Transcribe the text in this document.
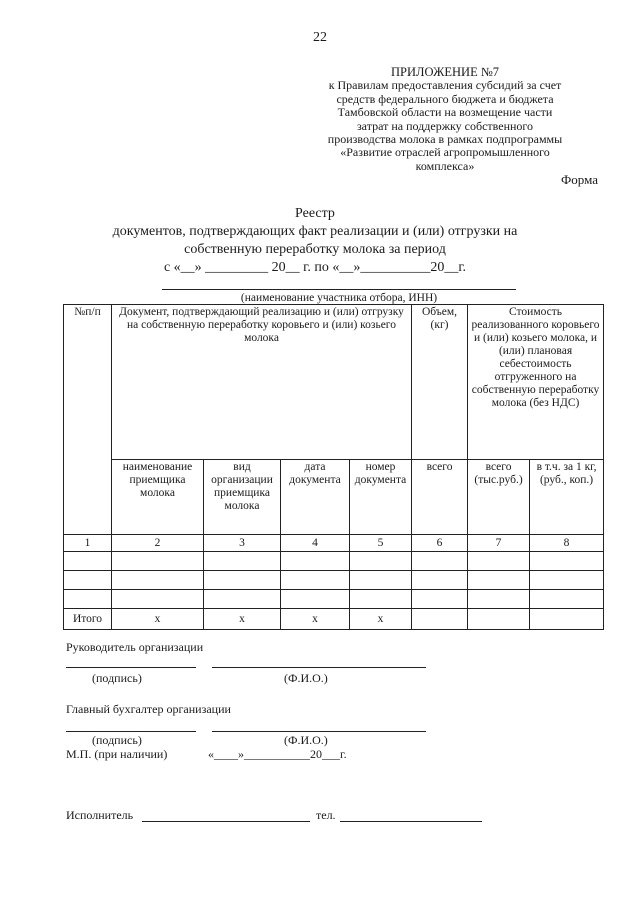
22
ПРИЛОЖЕНИЕ №7
к Правилам предоставления субсидий за счет
средств федерального бюджета и бюджета
Тамбовской области на возмещение части
затрат на поддержку собственного
производства молока в рамках подпрограммы
«Развитие отраслей агропромышленного
комплекса»
Форма
Реестр
документов, подтверждающих факт реализации и (или) отгрузки на
собственную переработку молока за период
с «__» _________ 20__ г. по «__»__________20__г.
(наименование участника отбора, ИНН)
№п/п	Документ, подтверждающий реализацию и (или) отгрузку на собственную переработку коровьего и (или) козьего молока				Объем, (кг)	Стоимость реализованного коровьего и (или) козьего молока, и (или) плановая себестоимость отгруженного на собственную переработку молока (без НДС)	
	наименование приемщика молока	вид организации приемщика молока	дата документа	номер документа	всего	всего (тыс.руб.)	в т.ч. за 1 кг, (руб., коп.)
1	2	3	4	5	6	7	8

Итого	х	х	х	х			
Руководитель организации
(подпись)	(Ф.И.О.)
Главный бухгалтер организации
(подпись)	(Ф.И.О.)
М.П. (при наличии)	«____»___________20___г.
Исполнитель	тел.
